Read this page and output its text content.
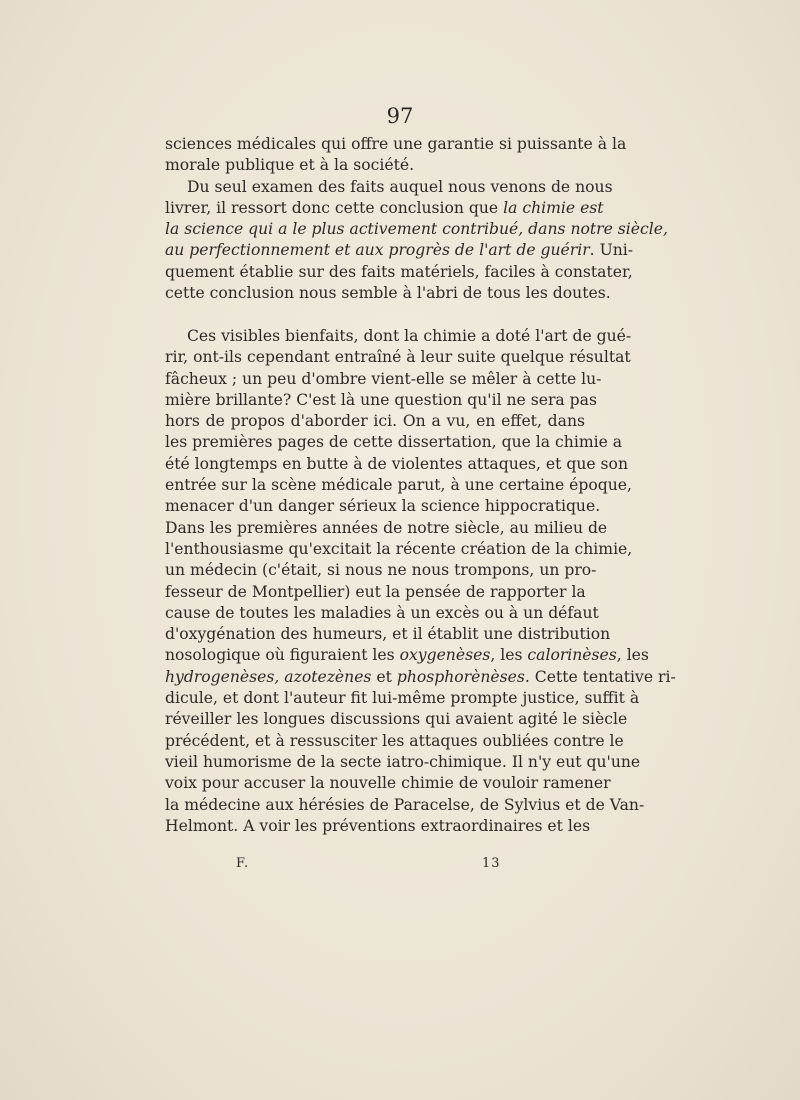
97

sciences médicales qui offre une garantie si puissante à la
morale publique et à la société.

Du seul examen des faits auquel nous venons de nous
livrer, il ressort donc cette conclusion que la chimie est
la science qui a le plus activement contribué, dans notre siècle,
au perfectionnement et aux progrès de l'art de guérir. Uni-
quement établie sur des faits matériels, faciles à constater,
cette conclusion nous semble à l'abri de tous les doutes.

Ces visibles bienfaits, dont la chimie a doté l'art de gué-
rir, ont-ils cependant entraîné à leur suite quelque résultat
fâcheux ; un peu d'ombre vient-elle se mêler à cette lu-
mière brillante? C'est là une question qu'il ne sera pas
hors de propos d'aborder ici. On a vu, en effet, dans
les premières pages de cette dissertation, que la chimie a
été longtemps en butte à de violentes attaques, et que son
entrée sur la scène médicale parut, à une certaine époque,
menacer d'un danger sérieux la science hippocratique.
Dans les premières années de notre siècle, au milieu de
l'enthousiasme qu'excitait la récente création de la chimie,
un médecin (c'était, si nous ne nous trompons, un pro-
fesseur de Montpellier) eut la pensée de rapporter la
cause de toutes les maladies à un excès ou à un défaut
d'oxygénation des humeurs, et il établit une distribution
nosologique où figuraient les oxygenèses, les calorinèses, les
hydrogenèses, azotezènes et phosphorènèses. Cette tentative ri-
dicule, et dont l'auteur fit lui-même prompte justice, suffit à
réveiller les longues discussions qui avaient agité le siècle
précédent, et à ressusciter les attaques oubliées contre le
vieil humorisme de la secte iatro-chimique. Il n'y eut qu'une
voix pour accuser la nouvelle chimie de vouloir ramener
la médecine aux hérésies de Paracelse, de Sylvius et de Van-
Helmont. A voir les préventions extraordinaires et les

F.	13
